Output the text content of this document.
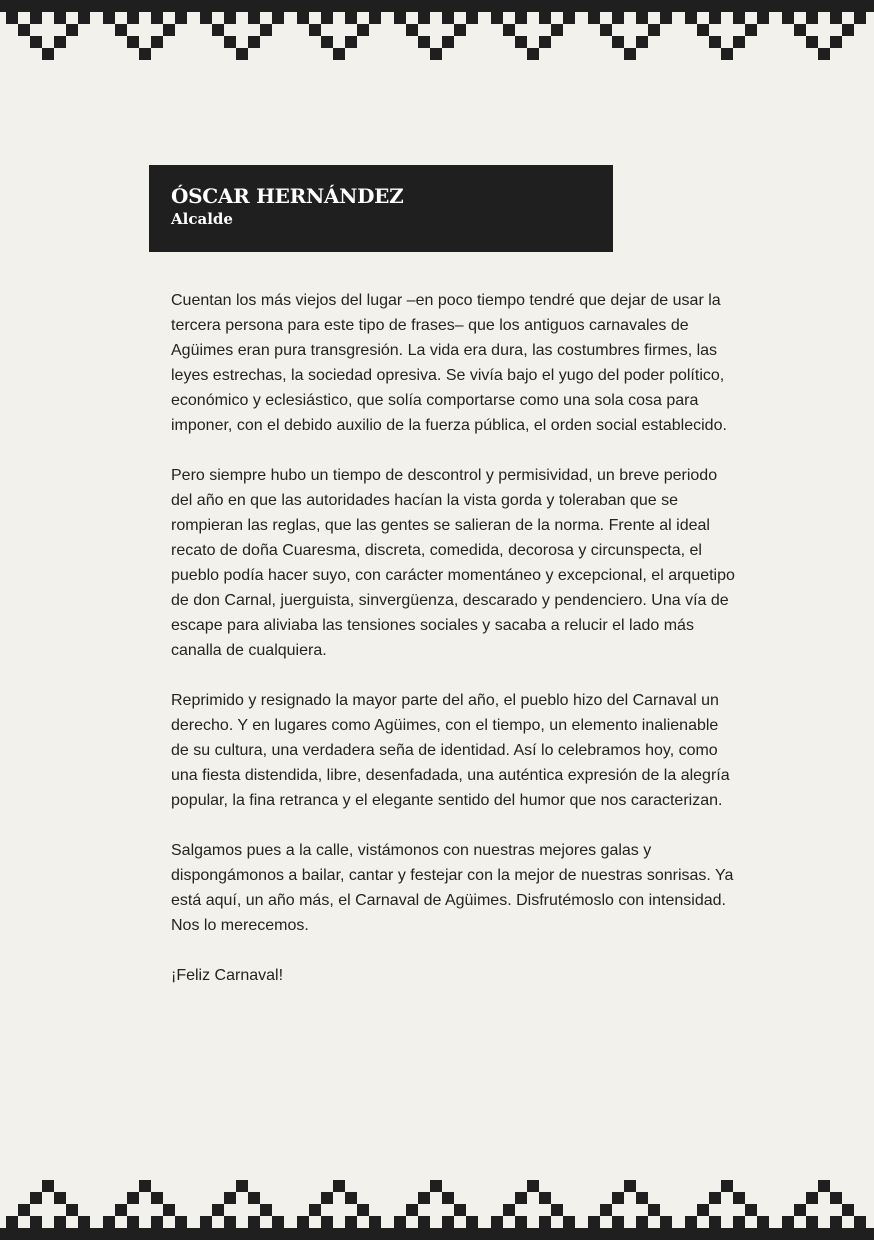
ÓSCAR HERNÁNDEZ
Alcalde

Cuentan los más viejos del lugar –en poco tiempo tendré que dejar de usar la tercera persona para este tipo de frases– que los antiguos carnavales de Agüimes eran pura transgresión. La vida era dura, las costumbres firmes, las leyes estrechas, la sociedad opresiva. Se vivía bajo el yugo del poder político, económico y eclesiástico, que solía comportarse como una sola cosa para imponer, con el debido auxilio de la fuerza pública, el orden social establecido.

Pero siempre hubo un tiempo de descontrol y permisividad, un breve periodo del año en que las autoridades hacían la vista gorda y toleraban que se rompieran las reglas, que las gentes se salieran de la norma. Frente al ideal recato de doña Cuaresma, discreta, comedida, decorosa y circunspecta, el pueblo podía hacer suyo, con carácter momentáneo y excepcional, el arquetipo de don Carnal, juerguista, sinvergüenza, descarado y pendenciero. Una vía de escape para aliviaba las tensiones sociales y sacaba a relucir el lado más canalla de cualquiera.

Reprimido y resignado la mayor parte del año, el pueblo hizo del Carnaval un derecho. Y en lugares como Agüimes, con el tiempo, un elemento inalienable de su cultura, una verdadera seña de identidad. Así lo celebramos hoy, como una fiesta distendida, libre, desenfadada, una auténtica expresión de la alegría popular, la fina retranca y el elegante sentido del humor que nos caracterizan.

Salgamos pues a la calle, vistámonos con nuestras mejores galas y dispongámonos a bailar, cantar y festejar con la mejor de nuestras sonrisas. Ya está aquí, un año más, el Carnaval de Agüimes. Disfrutémoslo con intensidad. Nos lo merecemos.

¡Feliz Carnaval!
